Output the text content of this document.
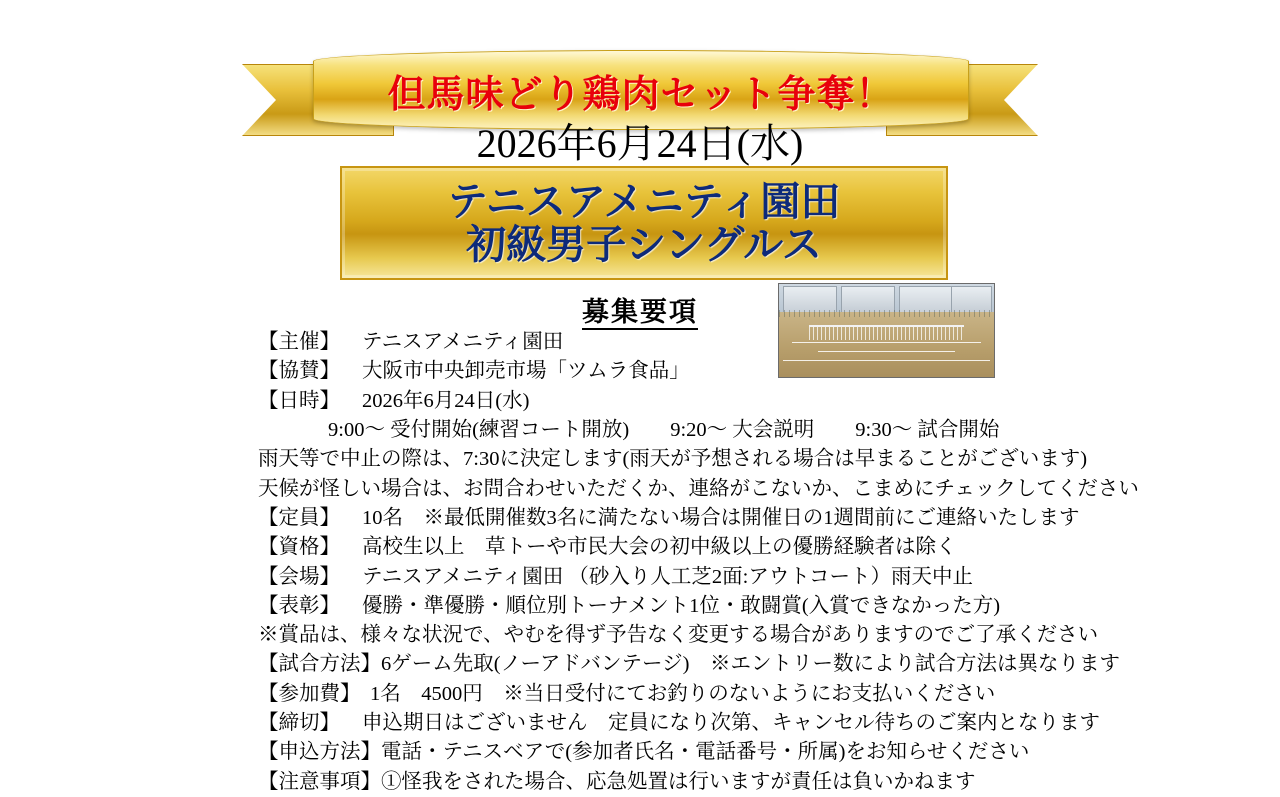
但馬味どり鶏肉セット争奪！
2026年6月24日(水)
テニスアメニティ園田
初級男子シングルス
募集要項
【主催】 テニスアメニティ園田
【協賛】 大阪市中央卸売市場「ツムラ食品」
【日時】 2026年6月24日(水)
9:00〜 受付開始(練習コート開放)　　9:20〜 大会説明　　9:30〜 試合開始
雨天等で中止の際は、7:30に決定します(雨天が予想される場合は早まることがございます)
天候が怪しい場合は、お問合わせいただくか、連絡がこないか、こまめにチェックしてください
【定員】 10名　※最低開催数3名に満たない場合は開催日の1週間前にご連絡いたします
【資格】 高校生以上　草トーや市民大会の初中級以上の優勝経験者は除く
【会場】 テニスアメニティ園田 （砂入り人工芝2面:アウトコート）雨天中止
【表彰】 優勝・準優勝・順位別トーナメント1位・敢闘賞(入賞できなかった方)
※賞品は、様々な状況で、やむを得ず予告なく変更する場合がありますのでご了承ください
【試合方法】6ゲーム先取(ノーアドバンテージ)　※エントリー数により試合方法は異なります
【参加費】 1名　4500円　※当日受付にてお釣りのないようにお支払いください
【締切】 申込期日はございません　定員になり次第、キャンセル待ちのご案内となります
【申込方法】電話・テニスベアで(参加者氏名・電話番号・所属)をお知らせください
【注意事項】①怪我をされた場合、応急処置は行いますが責任は負いかねます
